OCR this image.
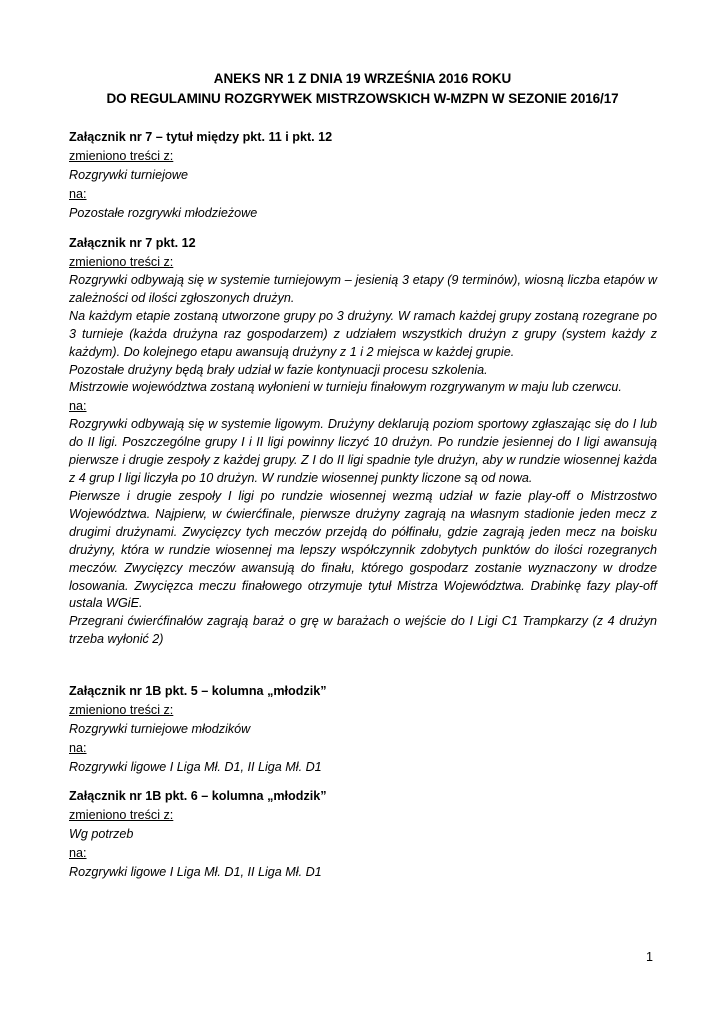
ANEKS NR 1 Z DNIA 19 WRZEŚNIA 2016 ROKU
DO REGULAMINU ROZGRYWEK MISTRZOWSKICH W-MZPN W SEZONIE 2016/17
Załącznik nr 7 – tytuł między pkt. 11 i pkt. 12
zmieniono treści z:
Rozgrywki turniejowe
na:
Pozostałe rozgrywki młodzieżowe
Załącznik nr 7 pkt. 12
zmieniono treści z:

Rozgrywki odbywają się w systemie turniejowym – jesienią 3 etapy (9 terminów), wiosną liczba etapów w zależności od ilości zgłoszonych drużyn.

Na każdym etapie zostaną utworzone grupy po 3 drużyny. W ramach każdej grupy zostaną rozegrane po 3 turnieje (każda drużyna raz gospodarzem) z udziałem wszystkich drużyn z grupy (system każdy z każdym). Do kolejnego etapu awansują drużyny z 1 i 2 miejsca w każdej grupie.

Pozostałe drużyny będą brały udział w fazie kontynuacji procesu szkolenia.

Mistrzowie województwa zostaną wyłonieni w turnieju finałowym rozgrywanym w maju lub czerwcu.

na:

Rozgrywki odbywają się w systemie ligowym. Drużyny deklarują poziom sportowy zgłaszając się do I lub do II ligi. Poszczególne grupy I i II ligi powinny liczyć 10 drużyn. Po rundzie jesiennej do I ligi awansują pierwsze i drugie zespoły z każdej grupy. Z I do II ligi spadnie tyle drużyn, aby w rundzie wiosennej każda z 4 grup I ligi liczyła po 10 drużyn. W rundzie wiosennej punkty liczone są od nowa.

Pierwsze i drugie zespoły I ligi po rundzie wiosennej wezmą udział w fazie play-off o Mistrzostwo Województwa. Najpierw, w ćwierćfinale, pierwsze drużyny zagrają na własnym stadionie jeden mecz z drugimi drużynami. Zwycięzcy tych meczów przejdą do półfinału, gdzie zagrają jeden mecz na boisku drużyny, która w rundzie wiosennej ma lepszy współczynnik zdobytych punktów do ilości rozegranych meczów. Zwycięzcy meczów awansują do finału, którego gospodarz zostanie wyznaczony w drodze losowania. Zwycięzca meczu finałowego otrzymuje tytuł Mistrza Województwa. Drabinkę fazy play-off ustala WGiE.

Przegrani ćwierćfinałów zagrają baraż o grę w barażach o wejście do I Ligi C1 Trampkarzy (z 4 drużyn trzeba wyłonić 2)

Załącznik nr 1B pkt. 5 – kolumna „młodzik”
zmieniono treści z:
Rozgrywki turniejowe młodzików
na:
Rozgrywki ligowe I Liga Mł. D1, II Liga Mł. D1
Załącznik nr 1B pkt. 6 – kolumna „młodzik”
zmieniono treści z:
Wg potrzeb
na:
Rozgrywki ligowe I Liga Mł. D1, II Liga Mł. D1
1
